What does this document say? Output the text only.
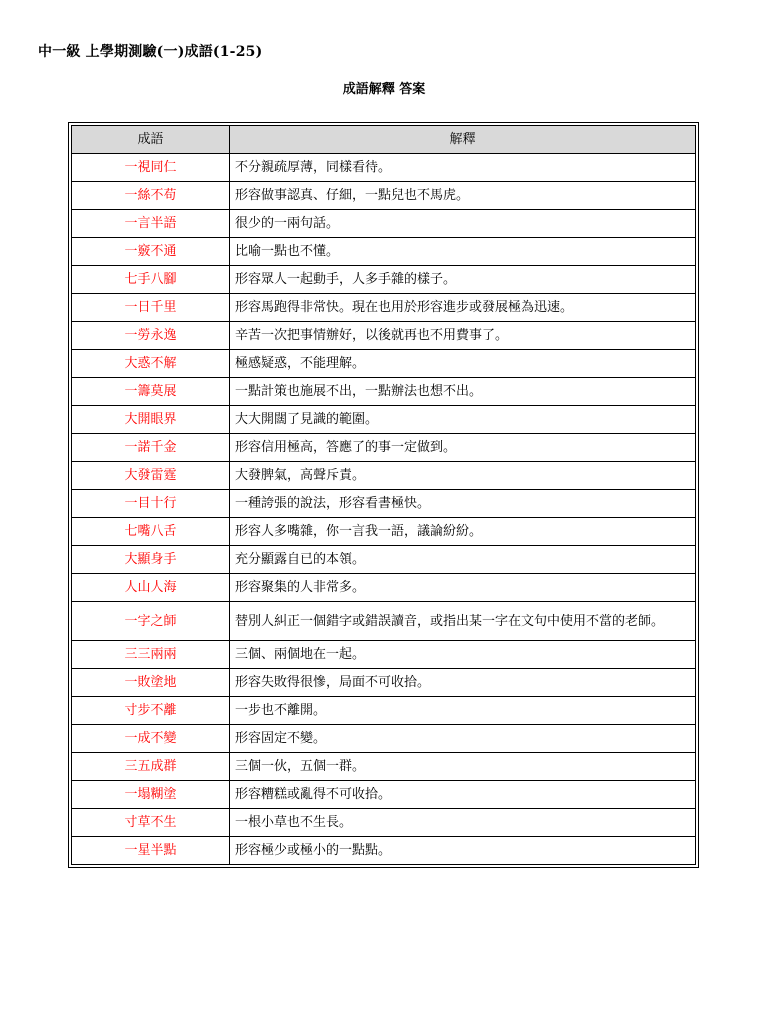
中一級 上學期測驗(一)成語(1-25)
成語解釋 答案
成語	解釋
一視同仁	不分親疏厚薄，同樣看待。
一絲不苟	形容做事認真、仔細，一點兒也不馬虎。
一言半語	很少的一兩句話。
一竅不通	比喻一點也不懂。
七手八腳	形容眾人一起動手，人多手雜的樣子。
一日千里	形容馬跑得非常快。現在也用於形容進步或發展極為迅速。
一勞永逸	辛苦一次把事情辦好，以後就再也不用費事了。
大惑不解	極感疑惑，不能理解。
一籌莫展	一點計策也施展不出，一點辦法也想不出。
大開眼界	大大開闊了見識的範圍。
一諾千金	形容信用極高，答應了的事一定做到。
大發雷霆	大發脾氣，高聲斥責。
一目十行	一種誇張的說法，形容看書極快。
七嘴八舌	形容人多嘴雜，你一言我一語，議論紛紛。
大顯身手	充分顯露自已的本領。
人山人海	形容聚集的人非常多。
一字之師	替別人糾正一個錯字或錯誤讀音，或指出某一字在文句中使用不當的老師。
三三兩兩	三個、兩個地在一起。
一敗塗地	形容失敗得很慘，局面不可收拾。
寸步不離	一步也不離開。
一成不變	形容固定不變。
三五成群	三個一伙，五個一群。
一塌糊塗	形容糟糕或亂得不可收拾。
寸草不生	一根小草也不生長。
一星半點	形容極少或極小的一點點。
